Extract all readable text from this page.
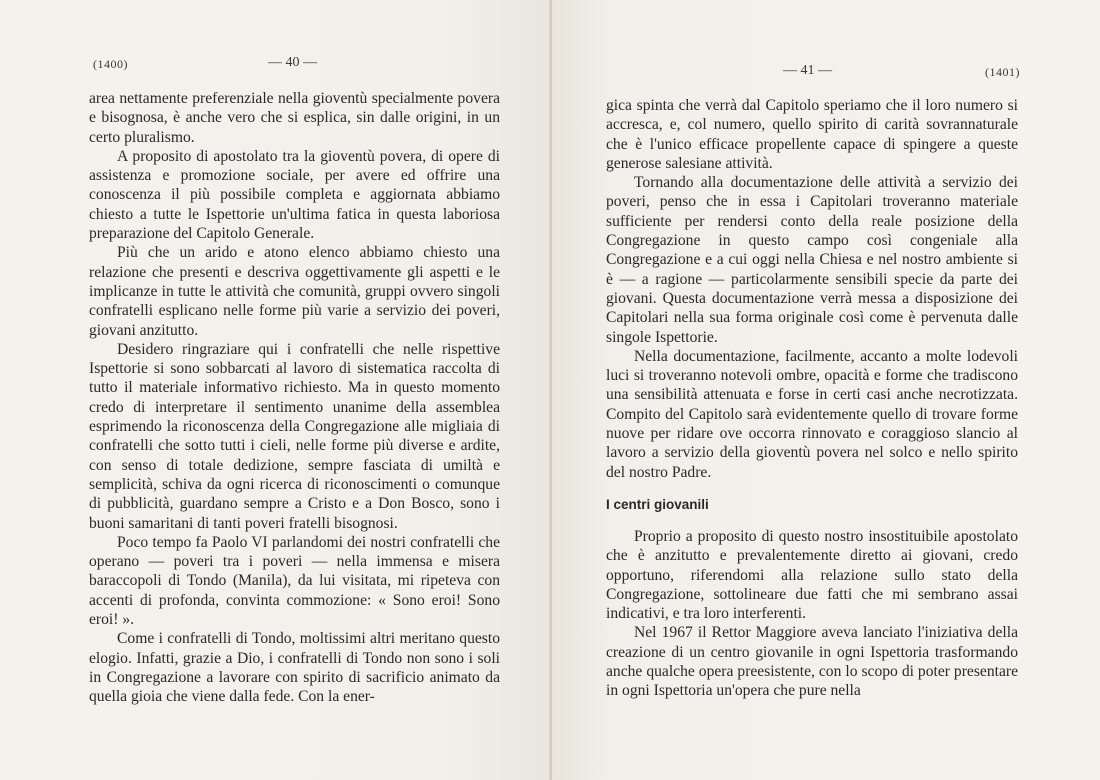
(1400)	— 40 —

area nettamente preferenziale nella gioventù specialmente povera e bisognosa, è anche vero che si esplica, sin dalle origini, in un certo pluralismo.

A proposito di apostolato tra la gioventù povera, di opere di assistenza e promozione sociale, per avere ed offrire una conoscenza il più possibile completa e aggiornata abbiamo chiesto a tutte le Ispettorie un'ultima fatica in questa laboriosa preparazione del Capitolo Generale.

Più che un arido e atono elenco abbiamo chiesto una relazione che presenti e descriva oggettivamente gli aspetti e le implicanze in tutte le attività che comunità, gruppi ovvero singoli confratelli esplicano nelle forme più varie a servizio dei poveri, giovani anzitutto.

Desidero ringraziare qui i confratelli che nelle rispettive Ispettorie si sono sobbarcati al lavoro di sistematica raccolta di tutto il materiale informativo richiesto. Ma in questo momento credo di interpretare il sentimento unanime della assemblea esprimendo la riconoscenza della Congregazione alle migliaia di confratelli che sotto tutti i cieli, nelle forme più diverse e ardite, con senso di totale dedizione, sempre fasciata di umiltà e semplicità, schiva da ogni ricerca di riconoscimenti o comunque di pubblicità, guardano sempre a Cristo e a Don Bosco, sono i buoni samaritani di tanti poveri fratelli bisognosi.

Poco tempo fa Paolo VI parlandomi dei nostri confratelli che operano — poveri tra i poveri — nella immensa e misera baraccopoli di Tondo (Manila), da lui visitata, mi ripeteva con accenti di profonda, convinta commozione: « Sono eroi! Sono eroi! ».

Come i confratelli di Tondo, moltissimi altri meritano questo elogio. Infatti, grazie a Dio, i confratelli di Tondo non sono i soli in Congregazione a lavorare con spirito di sacrificio animato da quella gioia che viene dalla fede. Con la ener-

— 41 —	(1401)

gica spinta che verrà dal Capitolo speriamo che il loro numero si accresca, e, col numero, quello spirito di carità sovrannaturale che è l'unico efficace propellente capace di spingere a queste generose salesiane attività.

Tornando alla documentazione delle attività a servizio dei poveri, penso che in essa i Capitolari troveranno materiale sufficiente per rendersi conto della reale posizione della Congregazione in questo campo così congeniale alla Congregazione e a cui oggi nella Chiesa e nel nostro ambiente si è — a ragione — particolarmente sensibili specie da parte dei giovani. Questa documentazione verrà messa a disposizione dei Capitolari nella sua forma originale così come è pervenuta dalle singole Ispettorie.

Nella documentazione, facilmente, accanto a molte lodevoli luci si troveranno notevoli ombre, opacità e forme che tradiscono una sensibilità attenuata e forse in certi casi anche necrotizzata. Compito del Capitolo sarà evidentemente quello di trovare forme nuove per ridare ove occorra rinnovato e coraggioso slancio al lavoro a servizio della gioventù povera nel solco e nello spirito del nostro Padre.

I centri giovanili

Proprio a proposito di questo nostro insostituibile apostolato che è anzitutto e prevalentemente diretto ai giovani, credo opportuno, riferendomi alla relazione sullo stato della Congregazione, sottolineare due fatti che mi sembrano assai indicativi, e tra loro interferenti.

Nel 1967 il Rettor Maggiore aveva lanciato l'iniziativa della creazione di un centro giovanile in ogni Ispettoria trasformando anche qualche opera preesistente, con lo scopo di poter presentare in ogni Ispettoria un'opera che pure nella
